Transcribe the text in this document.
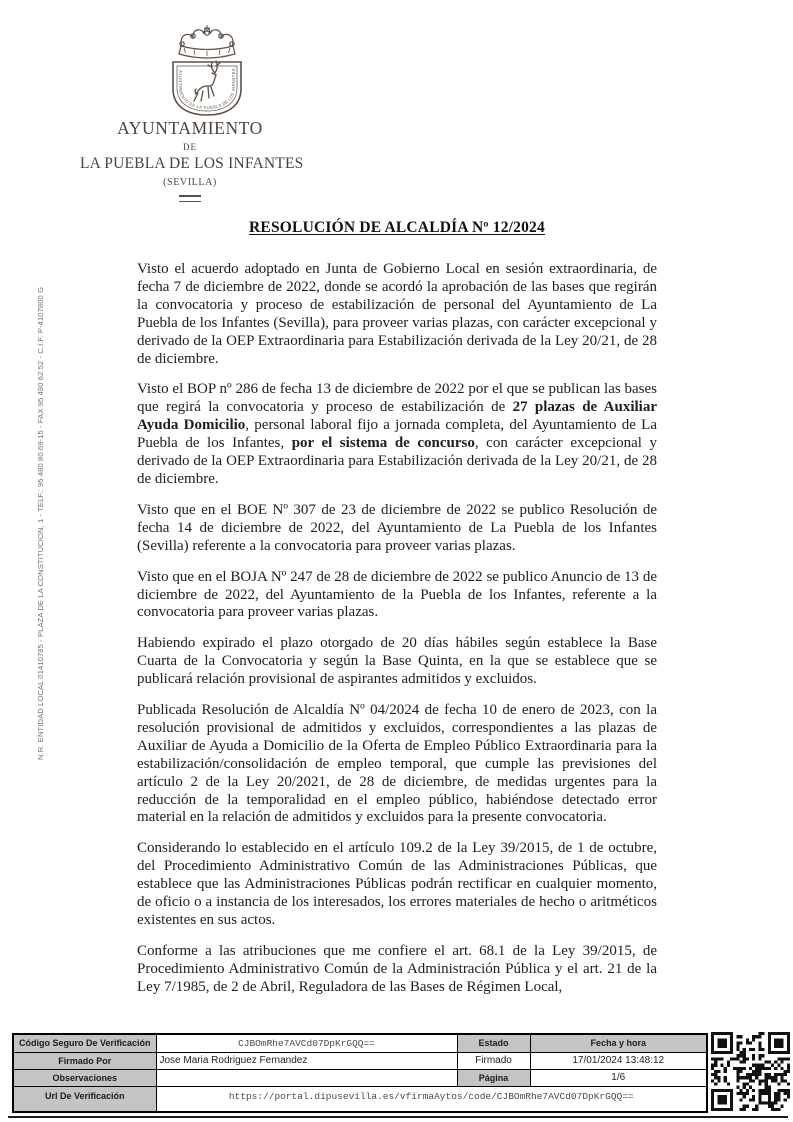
N.R. ENTIDAD LOCAL 01410785 - PLAZA DE LA CONSTITUCION, 1 - TELF.: 95 480 80 69-15 - FAX 95 480 62 52 - C.I.F. P-4107800 G
AYUNTAMIENTO DE LA PUEBLA DE LOS INFANTES
AYUNTAMIENTO
DE
LA PUEBLA DE LOS INFANTES
(SEVILLA)
RESOLUCIÓN DE ALCALDÍA Nº 12/2024

Visto el acuerdo adoptado en Junta de Gobierno Local en sesión extraordinaria, de fecha 7 de diciembre de 2022, donde se acordó la aprobación de las bases que regirán la convocatoria y proceso de estabilización de personal del Ayuntamiento de La Puebla de los Infantes (Sevilla), para proveer varias plazas, con carácter excepcional y derivado de la OEP Extraordinaria para Estabilización derivada de la Ley 20/21, de 28 de diciembre.

Visto el BOP nº 286 de fecha 13 de diciembre de 2022 por el que se publican las bases que regirá la convocatoria y proceso de estabilización de 27 plazas de Auxiliar Ayuda Domicilio, personal laboral fijo a jornada completa, del Ayuntamiento de La Puebla de los Infantes, por el sistema de concurso, con carácter excepcional y derivado de la OEP Extraordinaria para Estabilización derivada de la Ley 20/21, de 28 de diciembre.

Visto que en el BOE Nº 307 de 23 de diciembre de 2022 se publico Resolución de fecha 14 de diciembre de 2022, del Ayuntamiento de La Puebla de los Infantes (Sevilla) referente a la convocatoria para proveer varias plazas.

Visto que en el BOJA Nº 247 de 28 de diciembre de 2022 se publico Anuncio de 13 de diciembre de 2022, del Ayuntamiento de la Puebla de los Infantes, referente a la convocatoria para proveer varias plazas.

Habiendo expirado el plazo otorgado de 20 días hábiles según establece la Base Cuarta de la Convocatoria y según la Base Quinta, en la que se establece que se publicará relación provisional de aspirantes admitidos y excluidos.

Publicada Resolución de Alcaldía Nº 04/2024 de fecha 10 de enero de 2023, con la resolución provisional de admitidos y excluidos, correspondientes a las plazas de Auxiliar de Ayuda a Domicilio de la Oferta de Empleo Público Extraordinaria para la estabilización/consolidación de empleo temporal, que cumple las previsiones del artículo 2 de la Ley 20/2021, de 28 de diciembre, de medidas urgentes para la reducción de la temporalidad en el empleo público, habiéndose detectado error material en la relación de admitidos y excluidos para la presente convocatoria.

Considerando lo establecido en el artículo 109.2 de la Ley 39/2015, de 1 de octubre, del Procedimiento Administrativo Común de las Administraciones Públicas, que establece que las Administraciones Públicas podrán rectificar en cualquier momento, de oficio o a instancia de los interesados, los errores materiales de hecho o aritméticos existentes en sus actos.

Conforme a las atribuciones que me confiere el art. 68.1 de la Ley 39/2015, de Procedimiento Administrativo Común de la Administración Pública y el art. 21 de la Ley 7/1985, de 2 de Abril, Reguladora de las Bases de Régimen Local,

Código Seguro De Verificación	CJBOmRhe7AVCd07DpKrGQQ==	Estado	Fecha y hora
Firmado Por	Jose Maria Rodriguez Fernandez	Firmado	17/01/2024 13:48:12
Observaciones		Página	1/6
Url De Verificación	https://portal.dipusevilla.es/vfirmaAytos/code/CJBOmRhe7AVCd07DpKrGQQ==		
